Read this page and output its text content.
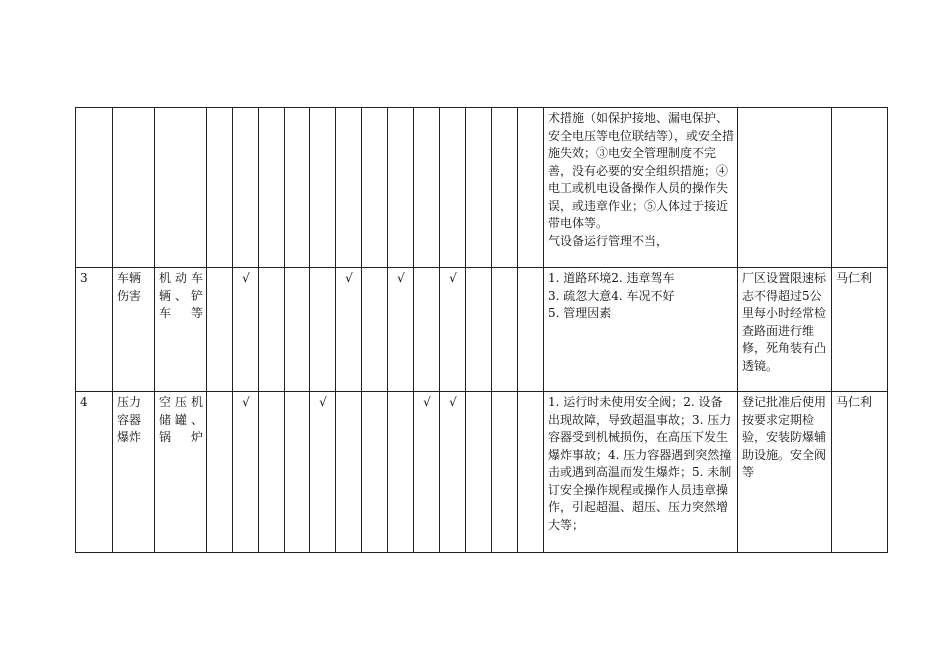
																术措施（如保护接地、漏电保护、安全电压等电位联结等），或安全措施失效；③电安全管理制度不完善，没有必要的安全组织措施；④电工或机电设备操作人员的操作失误，或违章作业；⑤人体过于接近带电体等。
气设备运行管理不当，		
3	车辆伤害	机动车辆、铲车等		√				√		√		√				1. 道路环境2. 违章驾车
3. 疏忽大意4. 车况不好
5. 管理因素	厂区设置限速标志不得超过5公里每小时经常检查路面进行维修，死角装有凸透镜。	马仁利
4	压力容器爆炸	空压机储罐、锅炉		√			√				√	√				1. 运行时未使用安全阀；2. 设备出现故障，导致超温事故；3. 压力容器受到机械损伤，在高压下发生爆炸事故；4. 压力容器遇到突然撞击或遇到高温而发生爆炸；5. 未制订安全操作规程或操作人员违章操作，引起超温、超压、压力突然增大等；	登记批准后使用按要求定期检验，安装防爆辅助设施。安全阀等	马仁利
